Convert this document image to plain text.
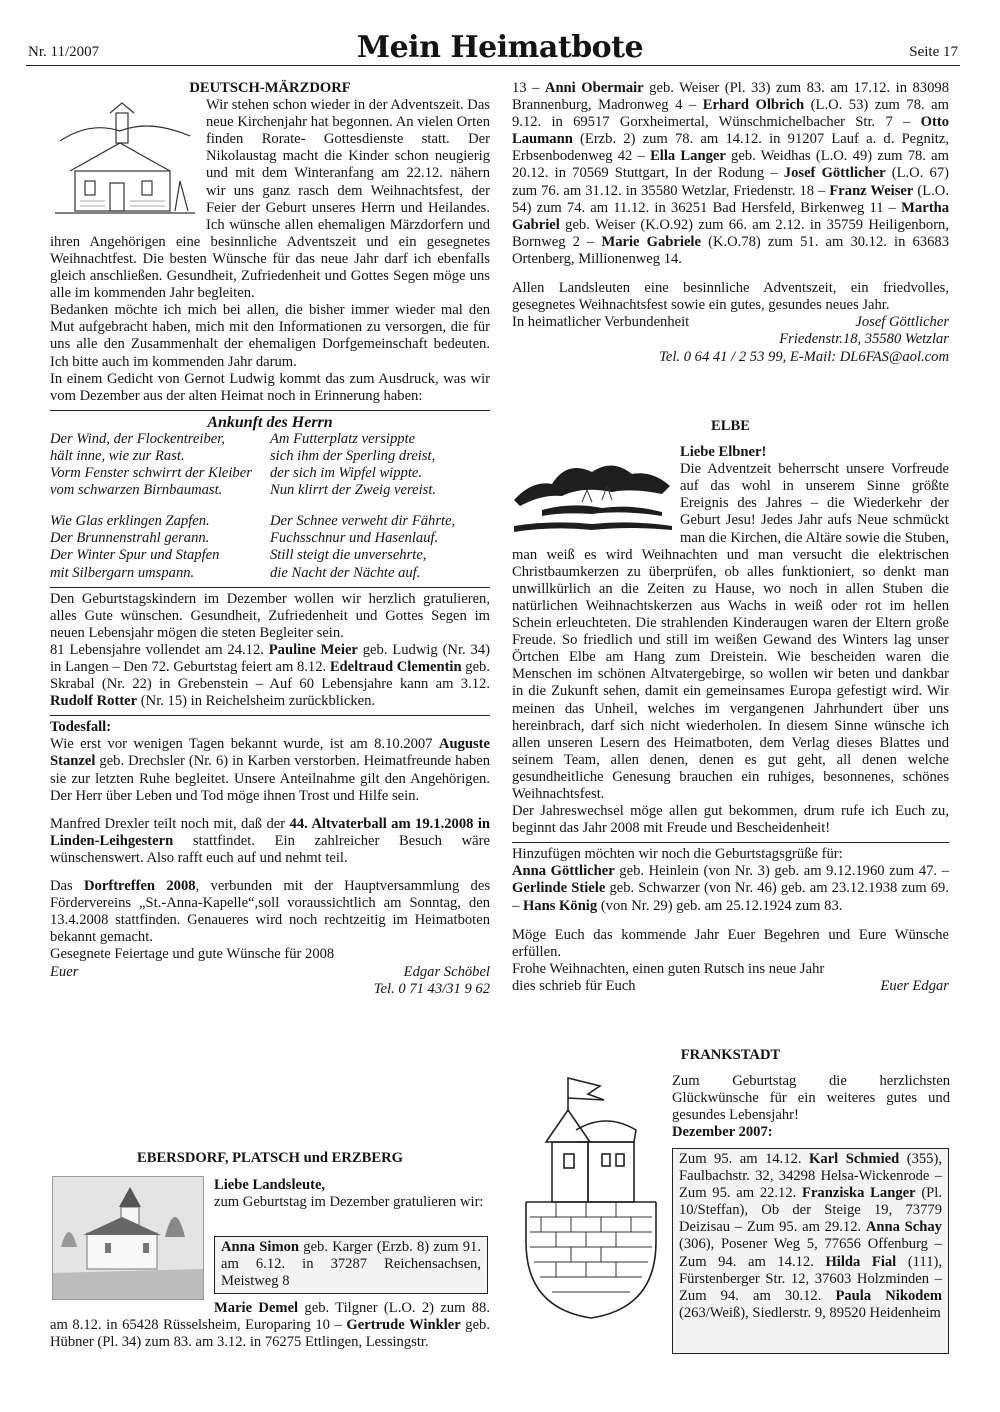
Nr. 11/2007	Mein Heimatbote	Seite 17

DEUTSCH-MÄRZDORF

Wir stehen schon wieder in der Adventszeit. Das neue Kirchenjahr hat begonnen. An vielen Orten finden Rorate- Gottesdienste statt. Der Nikolaustag macht die Kinder schon neugierig und mit dem Winteranfang am 22.12. nähern wir uns ganz rasch dem Weihnachtsfest, der Feier der Geburt unseres Herrn und Heilandes. Ich wünsche allen ehemaligen Märzdorfern und ihren Angehörigen eine besinnliche Adventszeit und ein gesegnetes Weihnachtfest. Die besten Wünsche für das neue Jahr darf ich ebenfalls gleich anschließen. Gesundheit, Zufriedenheit und Gottes Segen möge uns alle im kommenden Jahr begleiten.

Bedanken möchte ich mich bei allen, die bisher immer wieder mal den Mut aufgebracht haben, mich mit den Informationen zu versorgen, die für uns alle den Zusammenhalt der ehemaligen Dorfgemeinschaft bedeuten. Ich bitte auch im kommenden Jahr darum.

In einem Gedicht von Gernot Ludwig kommt das zum Ausdruck, was wir vom Dezember aus der alten Heimat noch in Erinnerung haben:

Ankunft des Herrn

Der Wind, der Flockentreiber,
hält inne, wie zur Rast.
Vorm Fenster schwirrt der Kleiber
vom schwarzen Birnbaumast.
Am Futterplatz versippte
sich ihm der Sperling dreist,
der sich im Wipfel wippte.
Nun klirrt der Zweig vereist.
Wie Glas erklingen Zapfen.
Der Brunnenstrahl gerann.
Der Winter Spur und Stapfen
mit Silbergarn umspann.
Der Schnee verweht dir Fährte,
Fuchsschnur und Hasenlauf.
Still steigt die unversehrte,
die Nacht der Nächte auf.

Den Geburtstagskindern im Dezember wollen wir herzlich gratulieren, alles Gute wünschen. Gesundheit, Zufriedenheit und Gottes Segen im neuen Lebensjahr mögen die steten Begleiter sein.

81 Lebensjahre vollendet am 24.12. Pauline Meier geb. Ludwig (Nr. 34) in Langen – Den 72. Geburtstag feiert am 8.12. Edeltraud Clementin geb. Skrabal (Nr. 22) in Grebenstein – Auf 60 Lebensjahre kann am 3.12. Rudolf Rotter (Nr. 15) in Reichelsheim zurückblicken.

Todesfall:

Wie erst vor wenigen Tagen bekannt wurde, ist am 8.10.2007 Auguste Stanzel geb. Drechsler (Nr. 6) in Karben verstorben. Heimatfreunde haben sie zur letzten Ruhe begleitet. Unsere Anteilnahme gilt den Angehörigen. Der Herr über Leben und Tod möge ihnen Trost und Hilfe sein.

Manfred Drexler teilt noch mit, daß der 44. Altvaterball am 19.1.2008 in Linden-Leihgestern stattfindet. Ein zahlreicher Besuch wäre wünschenswert. Also rafft euch auf und nehmt teil.

Das Dorftreffen 2008, verbunden mit der Hauptversammlung des Fördervereins „St.-Anna-Kapelle“,soll voraussichtlich am Sonntag, den 13.4.2008 stattfinden. Genaueres wird noch rechtzeitig im Heimatboten bekannt gemacht.

Gesegnete Feiertage und gute Wünsche für 2008

Euer	Edgar Schöbel

Tel. 0 71 43/31 9 62

EBERSDORF, PLATSCH und ERZBERG

Liebe Landsleute,

zum Geburtstag im Dezember gratulieren wir:

Anna Simon geb. Karger (Erzb. 8) zum 91. am 6.12. in 37287 Reichensachsen, Meistweg 8

Marie Demel geb. Tilgner (L.O. 2) zum 88. am 8.12. in 65428 Rüsselsheim, Europaring 10 – Gertrude Winkler geb. Hübner (Pl. 34) zum 83. am 3.12. in 76275 Ettlingen, Lessingstr.

13 – Anni Obermair geb. Weiser (Pl. 33) zum 83. am 17.12. in 83098 Brannenburg, Madronweg 4 – Erhard Olbrich (L.O. 53) zum 78. am 9.12. in 69517 Gorxheimertal, Wünschmichelbacher Str. 7 – Otto Laumann (Erzb. 2) zum 78. am 14.12. in 91207 Lauf a. d. Pegnitz, Erbsenbodenweg 42 – Ella Langer geb. Weidhas (L.O. 49) zum 78. am 20.12. in 70569 Stuttgart, In der Rodung – Josef Göttlicher (L.O. 67) zum 76. am 31.12. in 35580 Wetzlar, Friedenstr. 18 – Franz Weiser (L.O. 54) zum 74. am 11.12. in 36251 Bad Hersfeld, Birkenweg 11 – Martha Gabriel geb. Weiser (K.O.92) zum 66. am 2.12. in 35759 Heiligenborn, Bornweg 2 – Marie Gabriele (K.O.78) zum 51. am 30.12. in 63683 Ortenberg, Millionenweg 14.

Allen Landsleuten eine besinnliche Adventszeit, ein friedvolles, gesegnetes Weihnachtsfest sowie ein gutes, gesundes neues Jahr.

In heimatlicher Verbundenheit	Josef Göttlicher

Friedenstr.18, 35580 Wetzlar

Tel. 0 64 41 / 2 53 99, E-Mail: DL6FAS@aol.com

ELBE

Liebe Elbner!

Die Adventzeit beherrscht unsere Vorfreude auf das wohl in unserem Sinne größte Ereignis des Jahres – die Wiederkehr der Geburt Jesu! Jedes Jahr aufs Neue schmückt man die Kirchen, die Altäre sowie die Stuben, man weiß es wird Weihnachten und man versucht die elektrischen Christbaumkerzen zu überprüfen, ob alles funktioniert, so denkt man unwillkürlich an die Zeiten zu Hause, wo noch in allen Stuben die natürlichen Weihnachtskerzen aus Wachs in weiß oder rot im hellen Schein erleuchteten. Die strahlenden Kinderaugen waren der Eltern große Freude. So friedlich und still im weißen Gewand des Winters lag unser Örtchen Elbe am Hang zum Dreistein. Wie bescheiden waren die Menschen im schönen Altvatergebirge, so wollen wir beten und dankbar in die Zukunft sehen, damit ein gemeinsames Europa gefestigt wird. Wir meinen das Unheil, welches im vergangenen Jahrhundert über uns hereinbrach, darf sich nicht wiederholen. In diesem Sinne wünsche ich allen unseren Lesern des Heimatboten, dem Verlag dieses Blattes und seinem Team, allen denen, denen es gut geht, all denen welche gesundheitliche Genesung brauchen ein ruhiges, besonnenes, schönes Weihnachtsfest.

Der Jahreswechsel möge allen gut bekommen, drum rufe ich Euch zu, beginnt das Jahr 2008 mit Freude und Bescheidenheit!

Hinzufügen möchten wir noch die Geburtstagsgrüße für:

Anna Göttlicher geb. Heinlein (von Nr. 3) geb. am 9.12.1960 zum 47. – Gerlinde Stiele geb. Schwarzer (von Nr. 46) geb. am 23.12.1938 zum 69. – Hans König (von Nr. 29) geb. am 25.12.1924 zum 83.

Möge Euch das kommende Jahr Euer Begehren und Eure Wünsche erfüllen.

Frohe Weihnachten, einen guten Rutsch ins neue Jahr

dies schrieb für Euch	Euer Edgar

FRANKSTADT

Zum Geburtstag die herzlichsten Glückwünsche für ein weiteres gutes und gesundes Lebensjahr!

Dezember 2007:

Zum 95. am 14.12. Karl Schmied (355), Faulbachstr. 32, 34298 Helsa-Wickenrode – Zum 95. am 22.12. Franziska Langer (Pl. 10/Steffan), Ob der Steige 19, 73779 Deizisau – Zum 95. am 29.12. Anna Schay (306), Posener Weg 5, 77656 Offenburg – Zum 94. am 14.12. Hilda Fial (111), Fürstenberger Str. 12, 37603 Holzminden – Zum 94. am 30.12. Paula Nikodem (263/Weiß), Siedlerstr. 9, 89520 Heidenheim
